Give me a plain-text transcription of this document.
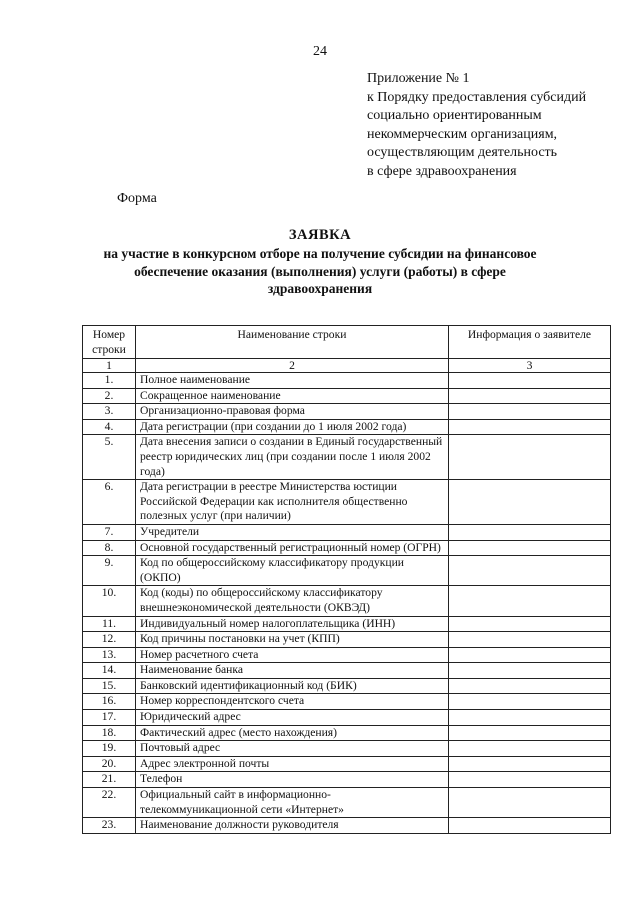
24
Приложение № 1
к Порядку предоставления субсидий
социально ориентированным
некоммерческим организациям,
осуществляющим деятельность
в сфере здравоохранения
Форма
ЗАЯВКА
на участие в конкурсном отборе на получение субсидии на финансовое
обеспечение оказания (выполнения) услуги (работы) в сфере
здравоохранения
Номер строки	Наименование строки	Информация о заявителе
1	2	3
1.	Полное наименование	
2.	Сокращенное наименование	
3.	Организационно-правовая форма	
4.	Дата регистрации (при создании до 1 июля 2002 года)	
5.	Дата внесения записи о создании в Единый государственный реестр юридических лиц (при создании после 1 июля 2002 года)	
6.	Дата регистрации в реестре Министерства юстиции Российской Федерации как исполнителя общественно полезных услуг (при наличии)	
7.	Учредители	
8.	Основной государственный регистрационный номер (ОГРН)	
9.	Код по общероссийскому классификатору продукции (ОКПО)	
10.	Код (коды) по общероссийскому классификатору внешнеэкономической деятельности (ОКВЭД)	
11.	Индивидуальный номер налогоплательщика (ИНН)	
12.	Код причины постановки на учет (КПП)	
13.	Номер расчетного счета	
14.	Наименование банка	
15.	Банковский идентификационный код (БИК)	
16.	Номер корреспондентского счета	
17.	Юридический адрес	
18.	Фактический адрес (место нахождения)	
19.	Почтовый адрес	
20.	Адрес электронной почты	
21.	Телефон	
22.	Официальный сайт в информационно-телекоммуникационной сети «Интернет»	
23.	Наименование должности руководителя	
